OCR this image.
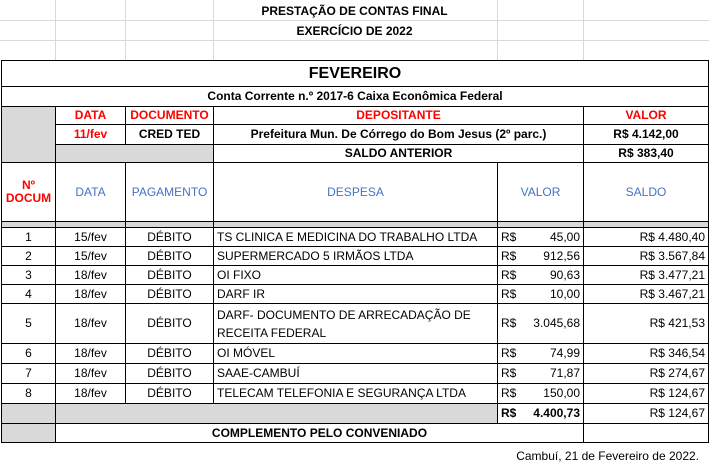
PRESTAÇÃO DE CONTAS FINAL
EXERCÍCIO DE 2022
FEVEREIRO					
Conta Corrente n.º 2017-6 Caixa Econômica Federal					
	DATA	DOCUMENTO	DEPOSITANTE		VALOR
	11/fev	CRED TED	Prefeitura Mun. De Córrego do Bom Jesus (2º parc.)		R$ 4.142,00
			SALDO ANTERIOR		R$ 383,40
Nº DOCUM	DATA	PAGAMENTO	DESPESA	VALOR	SALDO

1	15/fev	DÉBITO	TS CLINICA E MEDICINA DO TRABALHO LTDA	R$ 45,00	R$ 4.480,40
2	15/fev	DÉBITO	SUPERMERCADO 5 IRMÃOS LTDA	R$ 912,56	R$ 3.567,84
3	18/fev	DÉBITO	OI FIXO	R$ 90,63	R$ 3.477,21
4	18/fev	DÉBITO	DARF IR	R$ 10,00	R$ 3.467,21
5	18/fev	DÉBITO	DARF- DOCUMENTO DE ARRECADAÇÃO DE RECEITA FEDERAL	R$ 3.045,68	R$ 421,53
6	18/fev	DÉBITO	OI MÓVEL	R$ 74,99	R$ 346,54
7	18/fev	DÉBITO	SAAE-CAMBUÍ	R$ 71,87	R$ 274,67
8	18/fev	DÉBITO	TELECAM TELEFONIA E SEGURANÇA LTDA	R$ 150,00	R$ 124,67

				R$ 4.400,73	R$ 124,67
	COMPLEMENTO PELO CONVENIADO				
Cambuí, 21 de Fevereiro de 2022.
